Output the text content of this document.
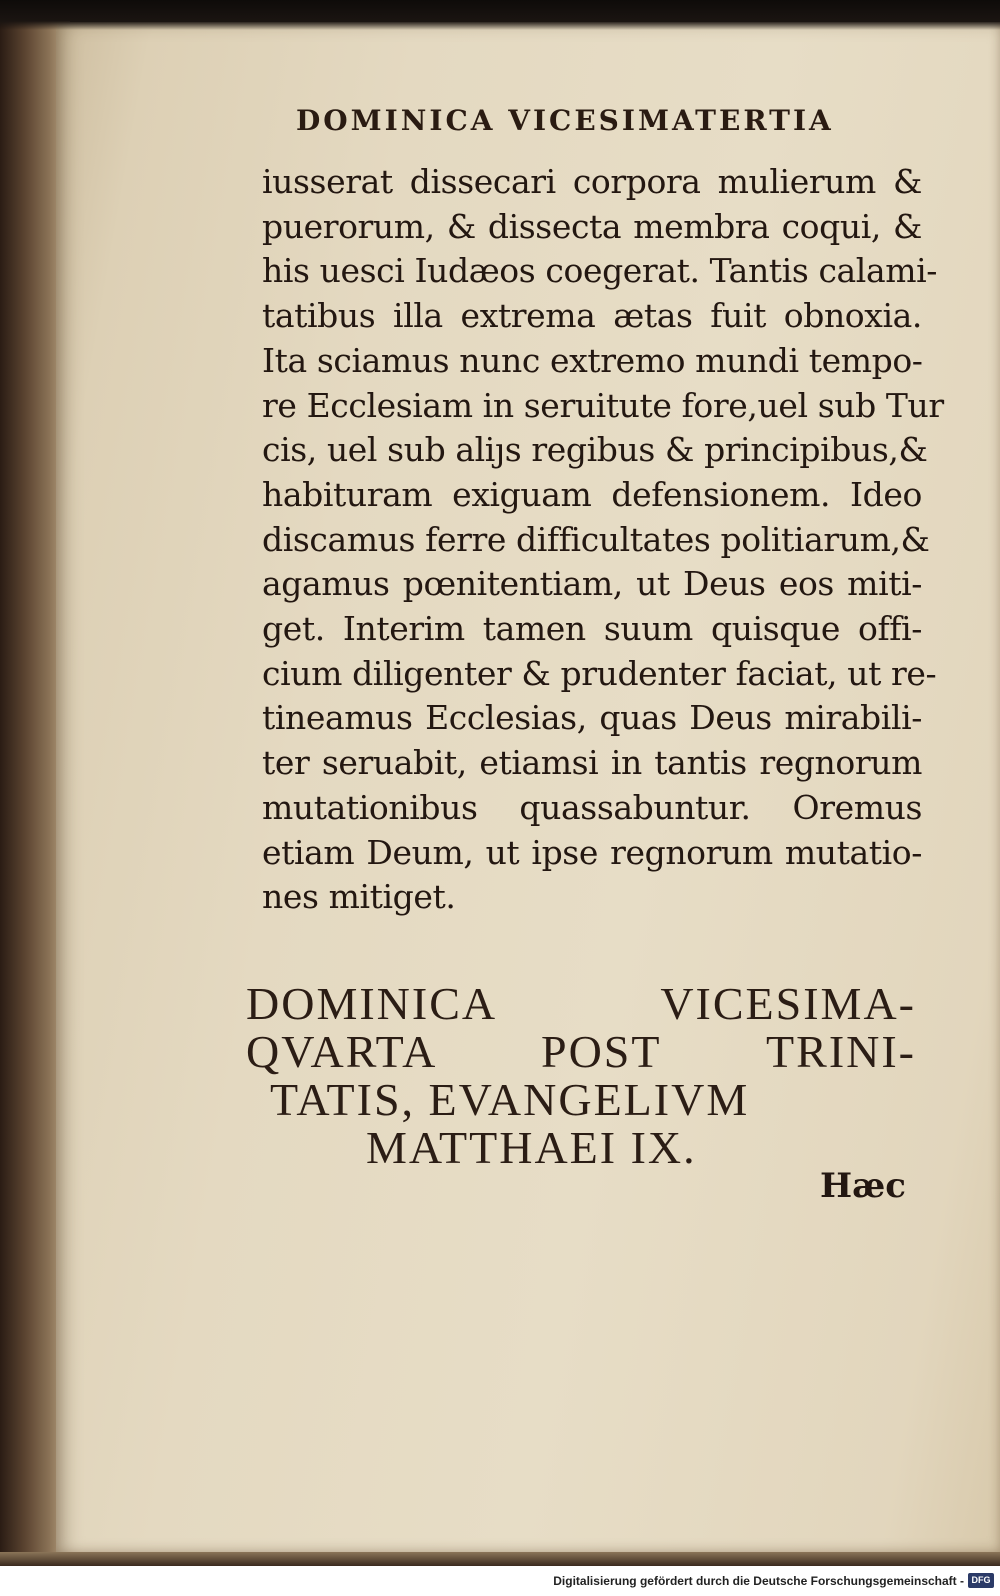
DOMINICA VICESIMATERTIA
iusserat dissecari corpora mulierum &
puerorum, & dissecta membra coqui, &
his uesci Iudæos coegerat. Tantis calami-
tatibus illa extrema ætas fuit obnoxia.
Ita sciamus nunc extremo mundi tempo-
re Ecclesiam in seruitute fore,uel sub Tur
cis, uel sub aliȷs regibus & principibus,&
habituram exiguam defensionem. Ideo
discamus ferre difficultates politiarum,&
agamus pœnitentiam, ut Deus eos miti-
get. Interim tamen suum quisque offi-
cium diligenter & prudenter faciat, ut re-
tineamus Ecclesias, quas Deus mirabili-
ter seruabit, etiamsi in tantis regnorum
mutationibus quassabuntur. Oremus
etiam Deum, ut ipse regnorum mutatio-
nes mitiget.
DOMINICA VICESIMA-
QVARTA POST TRINI-
TATIS, EVANGELIVM
MATTHAEI IX.
Hæc
Digitalisierung gefördert durch die Deutsche Forschungsgemeinschaft - DFG
